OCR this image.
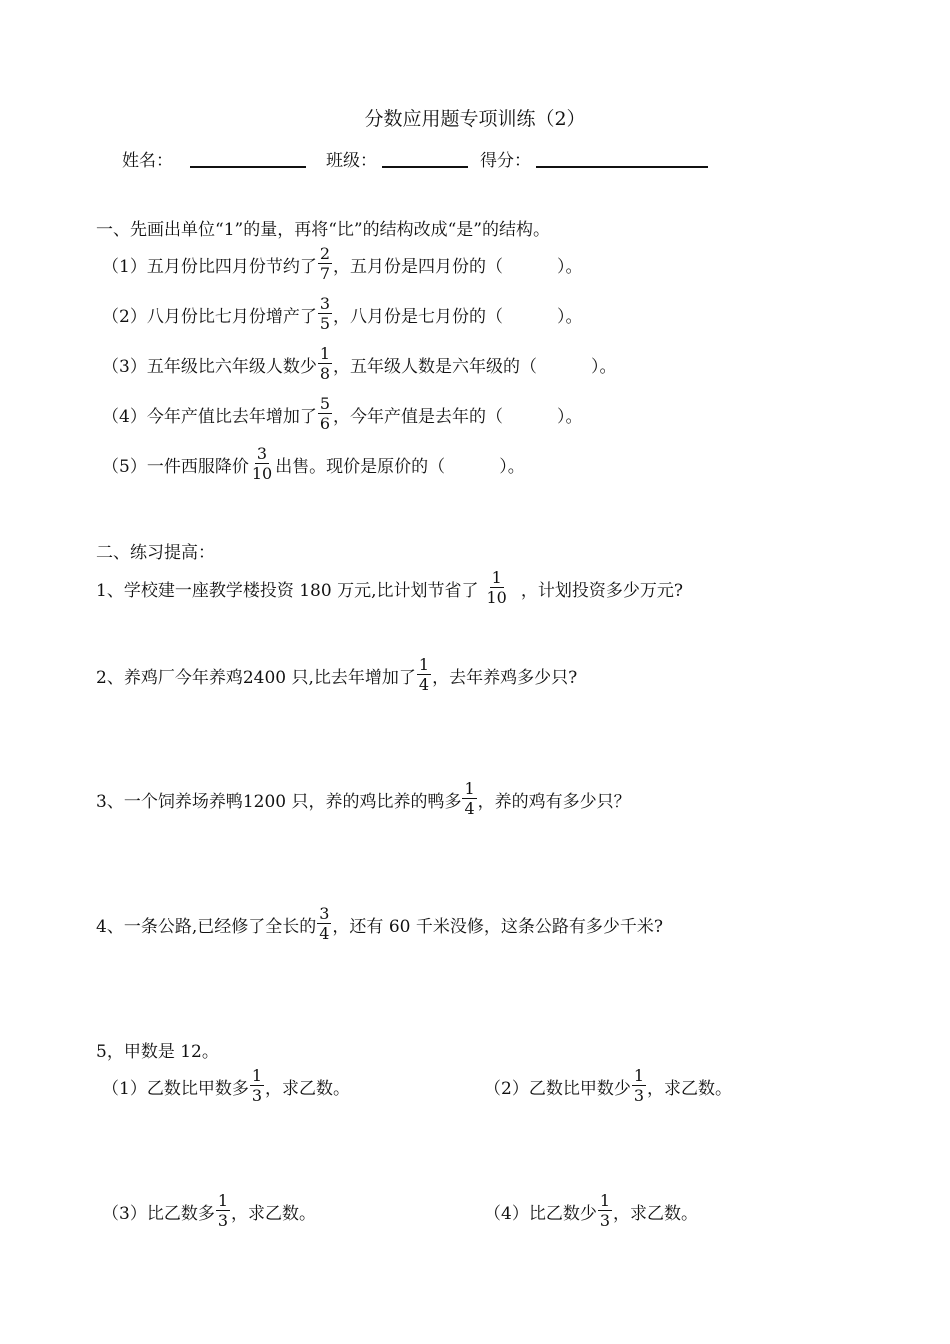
分数应用题专项训练（2）
姓名：	班级：	得分：
一、先画出单位“1”的量，再将“比”的结构改成“是”的结构。
（1）五月份比四月份节约了 $\frac{2}{7}$ ，五月份是四月份的（          ）。
（2）八月份比七月份增产了 $\frac{3}{5}$ ，八月份是七月份的（          ）。
（3）五年级比六年级人数少 $\frac{1}{8}$ ，五年级人数是六年级的（          ）。
（4）今年产值比去年增加了 $\frac{5}{6}$ ，今年产值是去年的（          ）。
（5）一件西服降价 $\frac{3}{10}$ 出售。现价是原价的（          ）。
二、练习提高：
1、学校建一座教学楼投资 180 万元,比计划节省了 $\frac{1}{10}$ ，计划投资多少万元?
2、养鸡厂今年养鸡2400 只,比去年增加了 $\frac{1}{4}$ ，去年养鸡多少只?
3、一个饲养场养鸭1200 只，养的鸡比养的鸭多 $\frac{1}{4}$ ，养的鸡有多少只？
4、一条公路,已经修了全长的 $\frac{3}{4}$ ，还有 60 千米没修，这条公路有多少千米?
5，甲数是 12。
（1）乙数比甲数多 $\frac{1}{3}$ ，求乙数。	（2）乙数比甲数少 $\frac{1}{3}$ ，求乙数。
（3）比乙数多 $\frac{1}{3}$ ，求乙数。	（4）比乙数少 $\frac{1}{3}$ ，求乙数。
